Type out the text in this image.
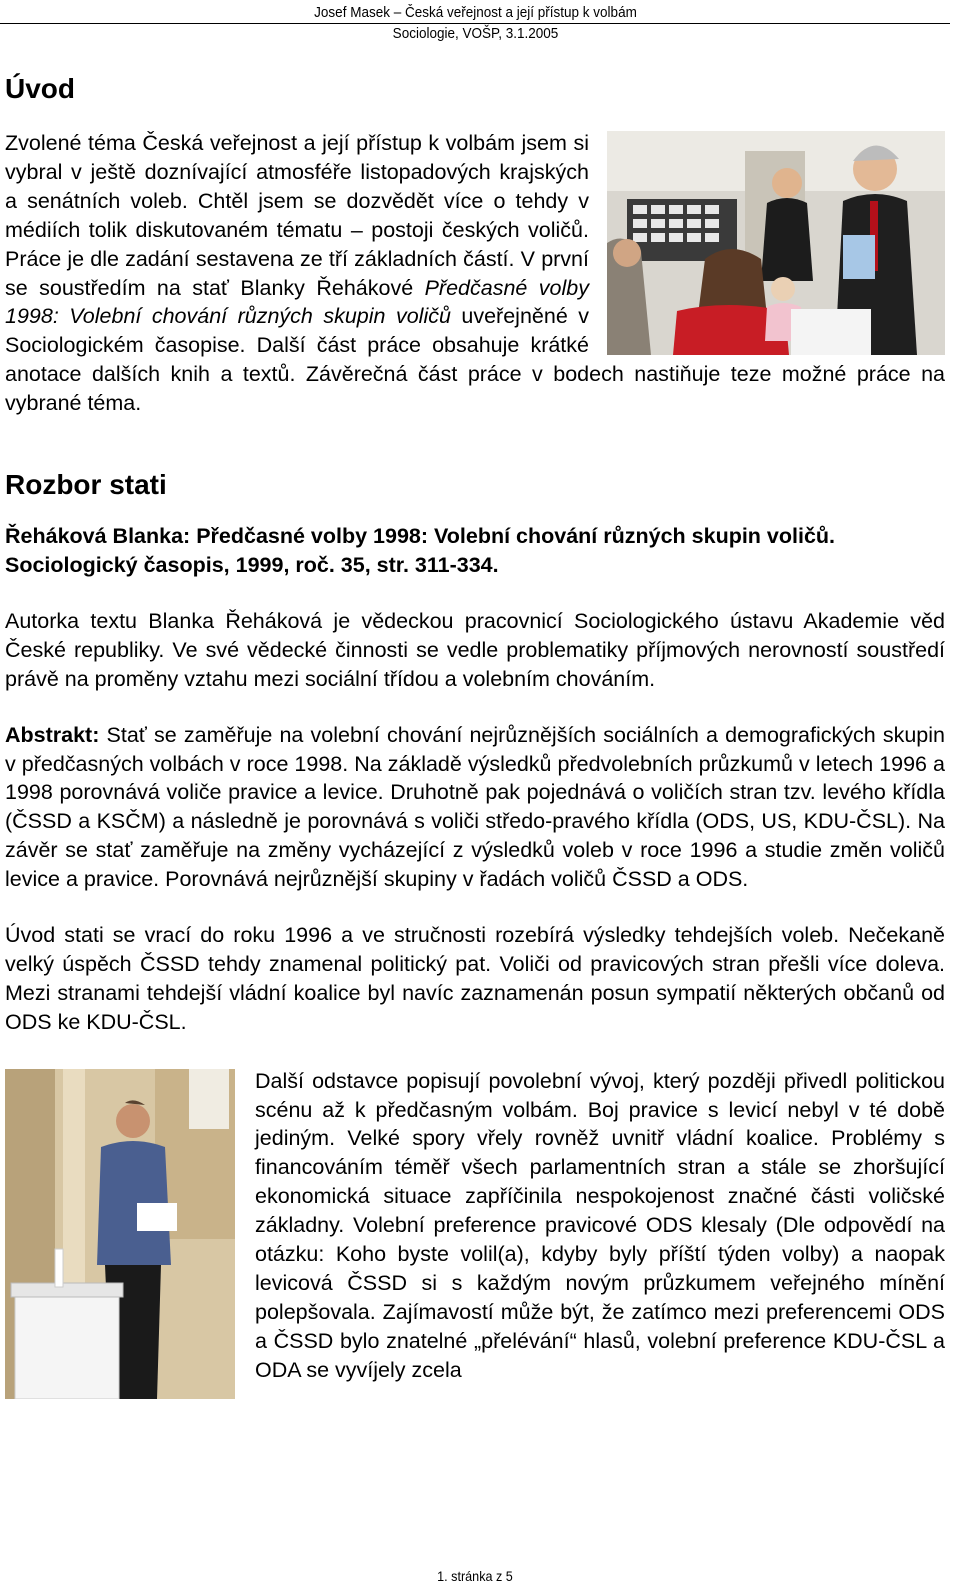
Josef Masek – Česká veřejnost a její přístup k volbám
Sociologie, VOŠP, 3.1.2005
Úvod

Zvolené téma Česká veřejnost a její přístup k volbám jsem si vybral v ještě doznívající atmosféře listopadových krajských a senátních voleb. Chtěl jsem se dozvědět více o tehdy v médiích tolik diskutovaném tématu – postoji českých voličů. Práce je dle zadání sestavena ze tří základních částí. V první se soustředím na stať Blanky Řehákové Předčasné volby 1998: Volební chování různých skupin voličů uveřejněné v Sociologickém časopise. Další část práce obsahuje krátké anotace dalších knih a textů. Závěrečná část práce v bodech nastiňuje teze možné práce na vybrané téma.

Rozbor stati

Řeháková Blanka: Předčasné volby 1998: Volební chování různých skupin voličů. Sociologický časopis, 1999, roč. 35, str. 311-334.

Autorka textu Blanka Řeháková je vědeckou pracovnicí Sociologického ústavu Akademie věd České republiky. Ve své vědecké činnosti se vedle problematiky příjmových nerovností soustředí právě na proměny vztahu mezi sociální třídou a volebním chováním.

Abstrakt: Stať se zaměřuje na volební chování nejrůznějších sociálních a demografických skupin v předčasných volbách v roce 1998. Na základě výsledků předvolebních průzkumů v letech 1996 a 1998 porovnává voliče pravice a levice. Druhotně pak pojednává o voličích stran tzv. levého křídla (ČSSD a KSČM) a následně je porovnává s voliči středo-pravého křídla (ODS, US, KDU-ČSL). Na závěr se stať zaměřuje na změny vycházející z výsledků voleb v roce 1996 a studie změn voličů levice a pravice. Porovnává nejrůznější skupiny v řadách voličů ČSSD a ODS.

Úvod stati se vrací do roku 1996 a ve stručnosti rozebírá výsledky tehdejších voleb. Nečekaně velký úspěch ČSSD tehdy znamenal politický pat. Voliči od pravicových stran přešli více doleva. Mezi stranami tehdejší vládní koalice byl navíc zaznamenán posun sympatií některých občanů od ODS ke KDU-ČSL.

Další odstavce popisují povolební vývoj, který později přivedl politickou scénu až k předčasným volbám. Boj pravice s levicí nebyl v té době jediným. Velké spory vřely rovněž uvnitř vládní koalice. Problémy s financováním téměř všech parlamentních stran a stále se zhoršující ekonomická situace zapříčinila nespokojenost značné části voličské základny. Volební preference pravicové ODS klesaly (Dle odpovědí na otázku: Koho byste volil(a), kdyby byly příští týden volby) a naopak levicová ČSSD si s každým novým průzkumem veřejného mínění polepšovala. Zajímavostí může být, že zatímco mezi preferencemi ODS a ČSSD bylo znatelné „přelévání“ hlasů, volební preference KDU-ČSL a ODA se vyvíjely zcela

1. stránka z 5
